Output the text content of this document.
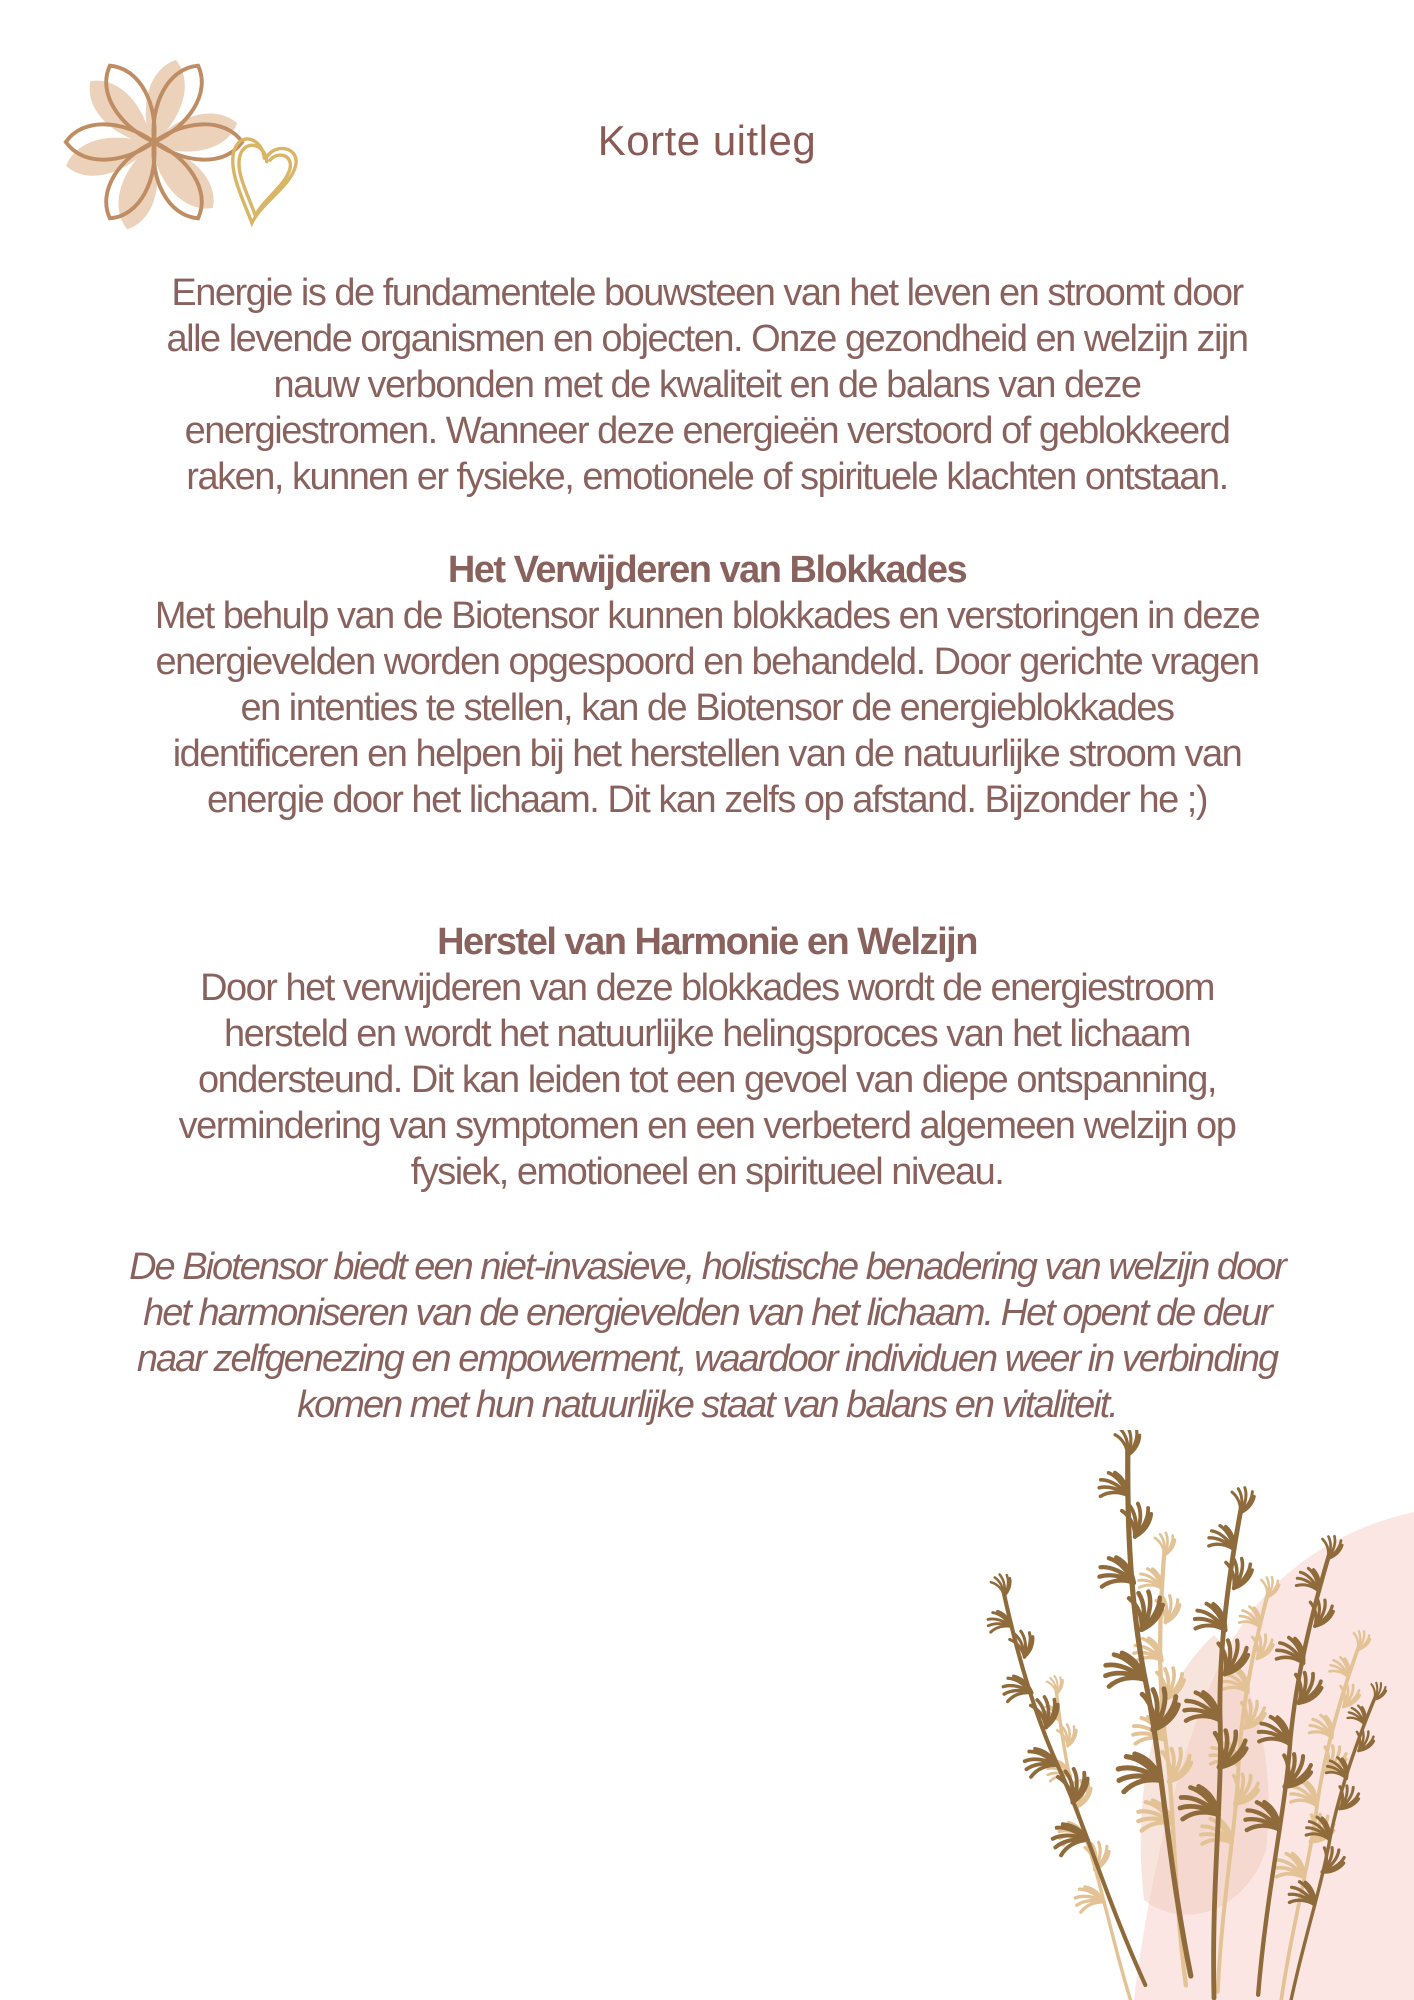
Korte uitleg
Energie is de fundamentele bouwsteen van het leven en stroomt door
alle levende organismen en objecten. Onze gezondheid en welzijn zijn
nauw verbonden met de kwaliteit en de balans van deze
energiestromen. Wanneer deze energieën verstoord of geblokkeerd
raken, kunnen er fysieke, emotionele of spirituele klachten ontstaan.
Het Verwijderen van Blokkades
Met behulp van de Biotensor kunnen blokkades en verstoringen in deze
energievelden worden opgespoord en behandeld. Door gerichte vragen
en intenties te stellen, kan de Biotensor de energieblokkades
identificeren en helpen bij het herstellen van de natuurlijke stroom van
energie door het lichaam. Dit kan zelfs op afstand. Bijzonder he ;)
Herstel van Harmonie en Welzijn
Door het verwijderen van deze blokkades wordt de energiestroom
hersteld en wordt het natuurlijke helingsproces van het lichaam
ondersteund. Dit kan leiden tot een gevoel van diepe ontspanning,
vermindering van symptomen en een verbeterd algemeen welzijn op
fysiek, emotioneel en spiritueel niveau.
De Biotensor biedt een niet-invasieve, holistische benadering van welzijn door
het harmoniseren van de energievelden van het lichaam. Het opent de deur
naar zelfgenezing en empowerment, waardoor individuen weer in verbinding
komen met hun natuurlijke staat van balans en vitaliteit.
